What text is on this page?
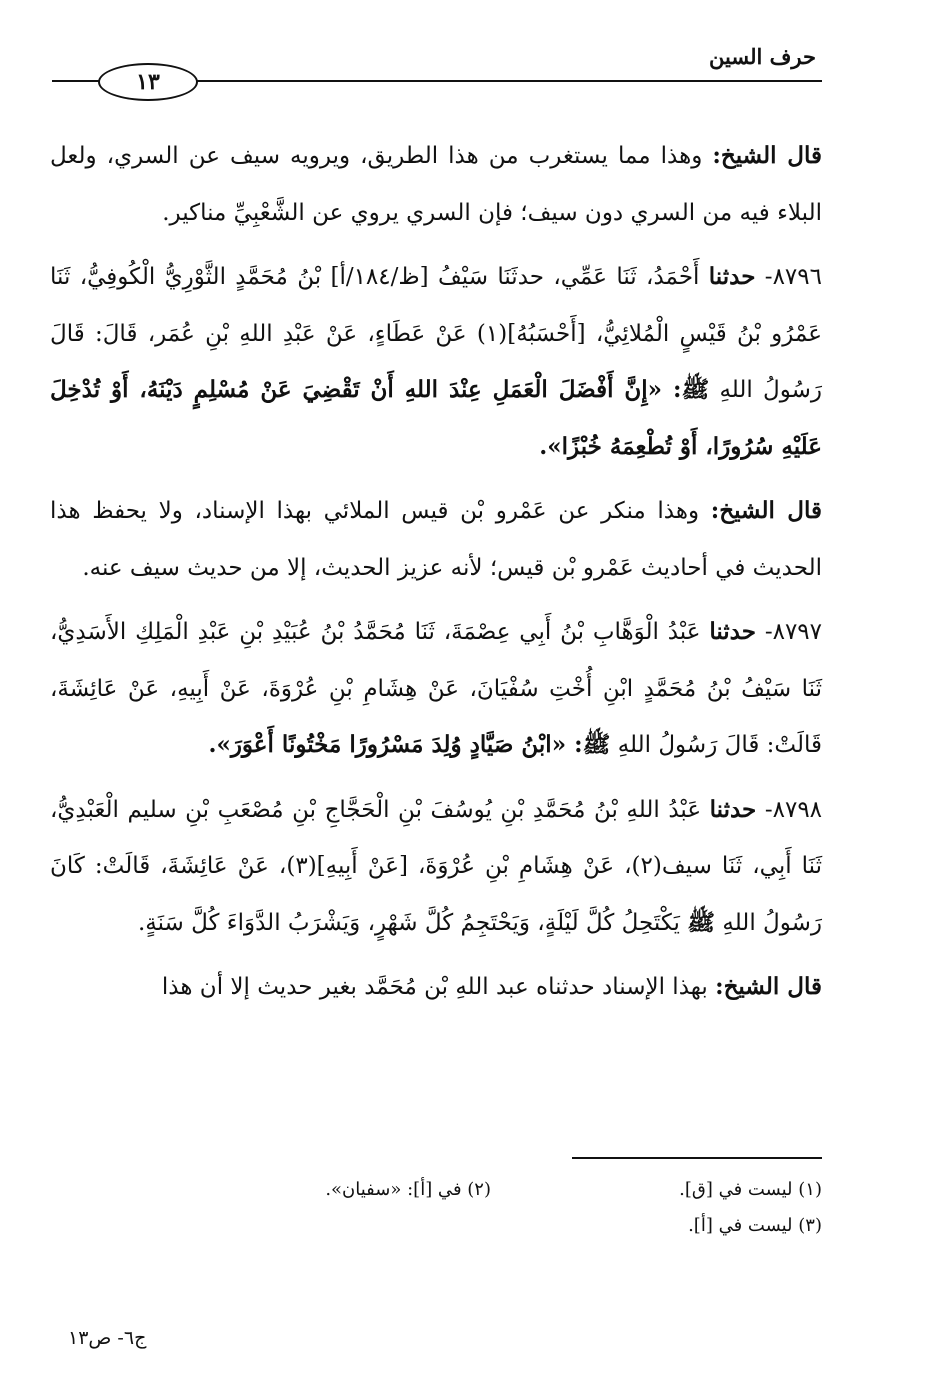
حرف السين
١٣

قال الشيخ: وهذا مما يستغرب من هذا الطريق، ويرويه سيف عن السري، ولعل البلاء فيه من السري دون سيف؛ فإن السري يروي عن الشَّعْبِيِّ مناكير.

٨٧٩٦- حدثنا أَحْمَدُ، ثَنَا عَمِّي، حدثَنَا سَيْفُ [ظ/١٨٤/أ] بْنُ مُحَمَّدٍ الثَّوْرِيُّ الْكُوفِيُّ، ثَنَا عَمْرُو بْنُ قَيْسٍ الْمُلائِيُّ، [أَحْسَبُهُ](١) عَنْ عَطَاءٍ، عَنْ عَبْدِ اللهِ بْنِ عُمَر، قَالَ: قَالَ رَسُولُ اللهِ ﷺ: «إِنَّ أَفْضَلَ الْعَمَلِ عِنْدَ اللهِ أَنْ تَقْضِيَ عَنْ مُسْلِمٍ دَيْنَهُ، أَوْ تُدْخِلَ عَلَيْهِ سُرُورًا، أَوْ تُطْعِمَهُ خُبْزًا».

قال الشيخ: وهذا منكر عن عَمْرو بْن قيس الملائي بهذا الإسناد، ولا يحفظ هذا الحديث في أحاديث عَمْرو بْن قيس؛ لأنه عزيز الحديث، إلا من حديث سيف عنه.

٨٧٩٧- حدثنا عَبْدُ الْوَهَّابِ بْنُ أَبِي عِصْمَةَ، ثَنَا مُحَمَّدُ بْنُ عُبَيْدِ بْنِ عَبْدِ الْمَلِكِ الأَسَدِيُّ، ثَنَا سَيْفُ بْنُ مُحَمَّدٍ ابْنِ أُخْتِ سُفْيَانَ، عَنْ هِشَامِ بْنِ عُرْوَةَ، عَنْ أَبِيهِ، عَنْ عَائِشَةَ، قَالَتْ: قَالَ رَسُولُ اللهِ ﷺ: «ابْنُ صَيَّادٍ وُلِدَ مَسْرُورًا مَخْتُونًا أَعْوَرَ».

٨٧٩٨- حدثنا عَبْدُ اللهِ بْنُ مُحَمَّدِ بْنِ يُوسُفَ بْنِ الْحَجَّاجِ بْنِ مُصْعَبِ بْنِ سليم الْعَبْدِيُّ، ثَنَا أَبِي، ثَنَا سيف(٢)، عَنْ هِشَامِ بْنِ عُرْوَةَ، [عَنْ أَبِيهِ](٣)، عَنْ عَائِشَةَ، قَالَتْ: كَانَ رَسُولُ اللهِ ﷺ يَكْتَحِلُ كُلَّ لَيْلَةٍ، وَيَحْتَجِمُ كُلَّ شَهْرٍ، وَيَشْرَبُ الدَّوَاءَ كُلَّ سَنَةٍ.

قال الشيخ: بهذا الإسناد حدثناه عبد اللهِ بْن مُحَمَّد بغير حديث إلا أن هذا

(١) ليست في [ق].
(٢) في [أ]: «سفيان».
(٣) ليست في [أ].
ج٦- ص١٣
